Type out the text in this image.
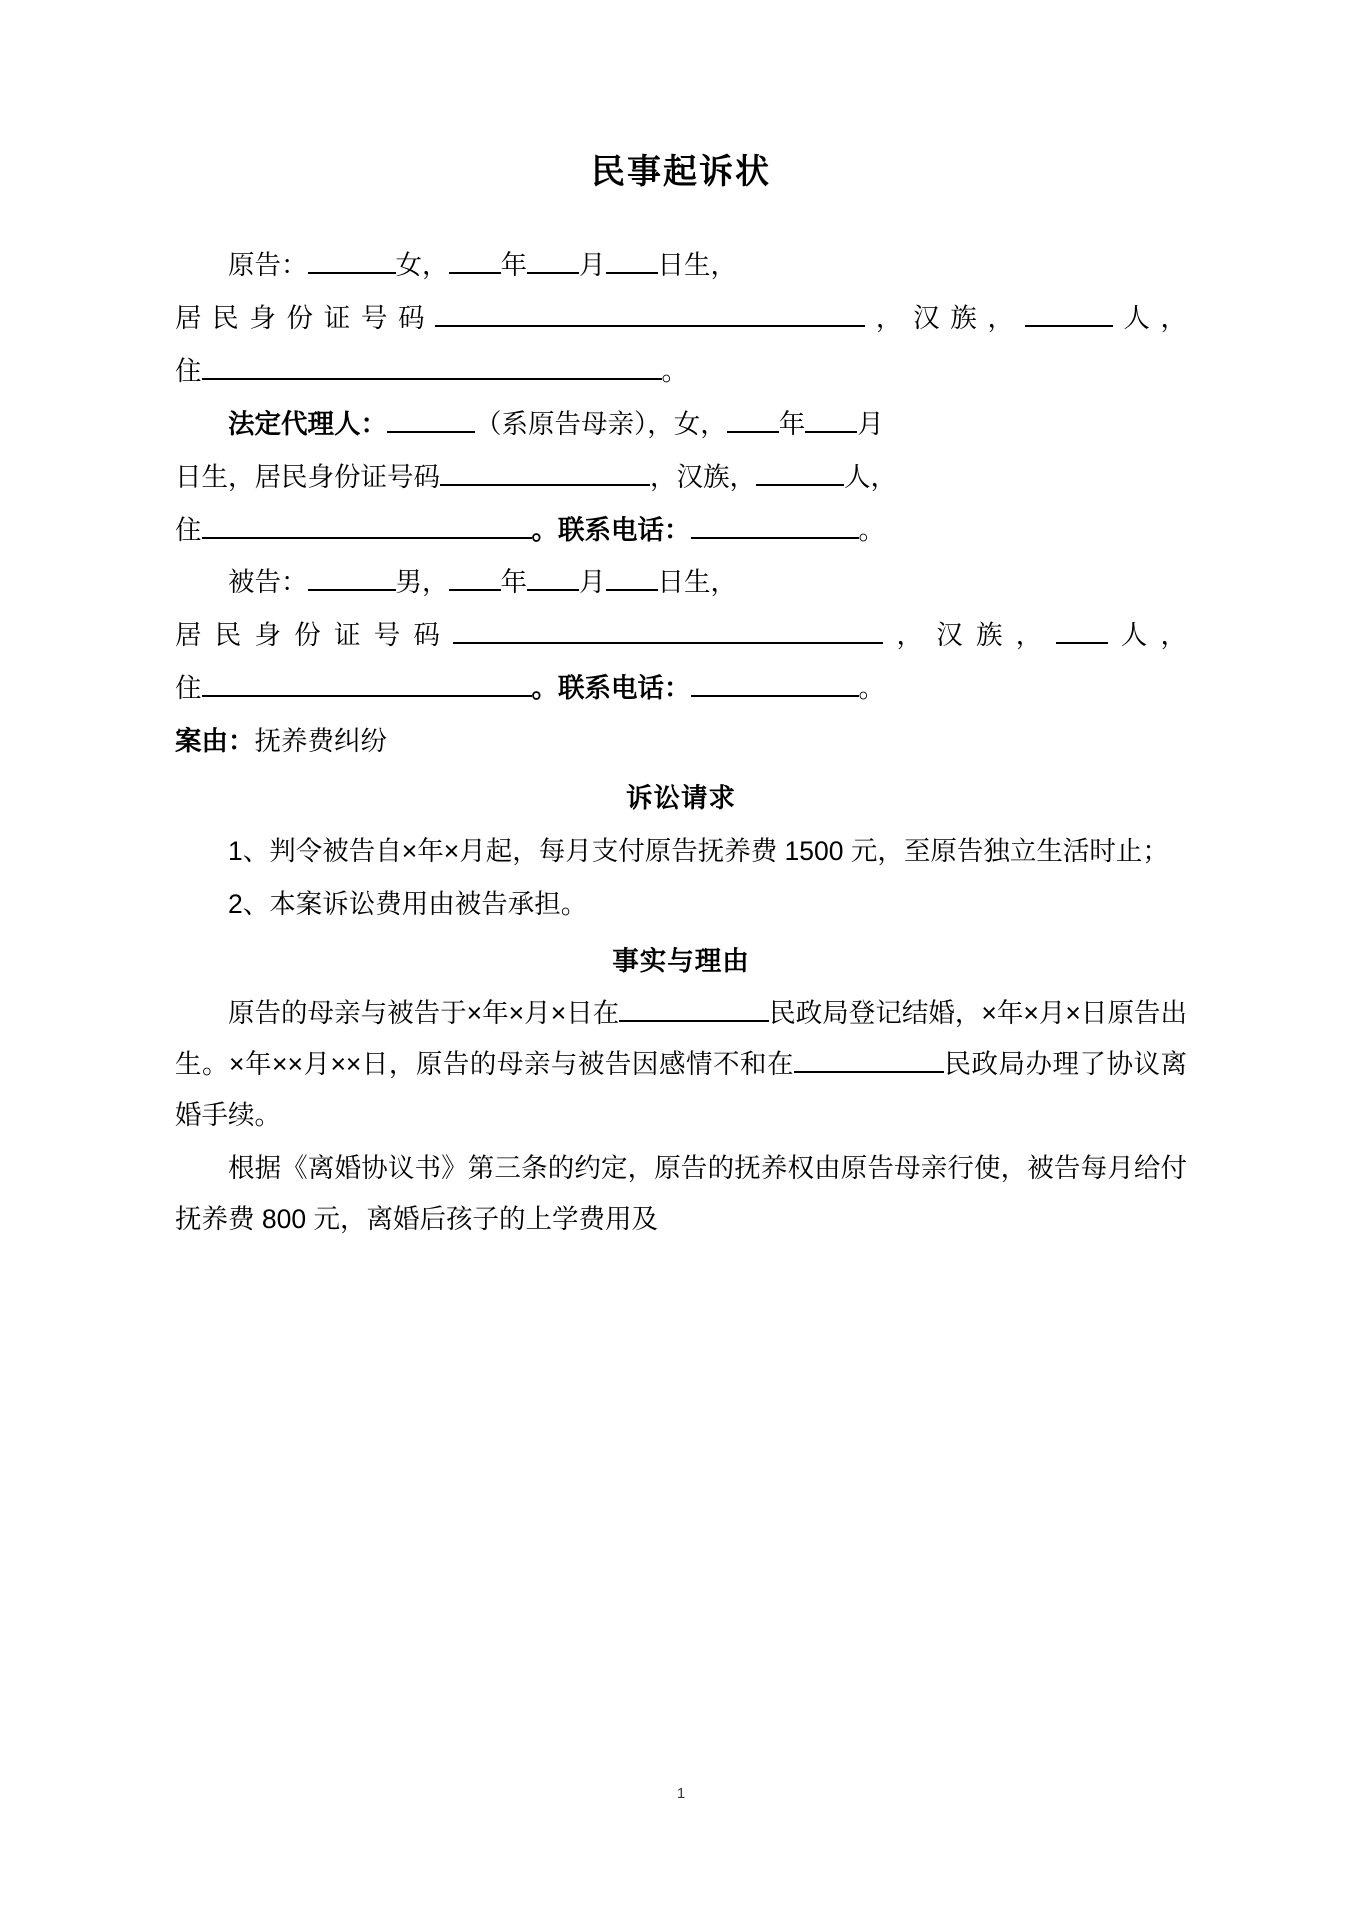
民事起诉状
原告：	女， 年 月 日生，
居民身份证号码	，汉族，	人，
住	。
法定代理人：	（系原告母亲），女， 年 月
日生，居民身份证号码	，汉族，	人，
住	。联系电话：	。
被告：	男， 年 月 日生，
居民身份证号码	，汉族， 人，
住	。联系电话：	。
案由：抚养费纠纷
诉讼请求
1、判令被告自×年×月起，每月支付原告抚养费 1500 元，至原告独立生活时止；
2、本案诉讼费用由被告承担。
事实与理由
原告的母亲与被告于×年×月×日在	民政局登记结婚，×年×月×日原告出生。×年××月××日，原告的母亲与被告因感情不和在	民政局办理了协议离婚手续。
根据《离婚协议书》第三条的约定，原告的抚养权由原告母亲行使，被告每月给付抚养费 800 元，离婚后孩子的上学费用及
1
